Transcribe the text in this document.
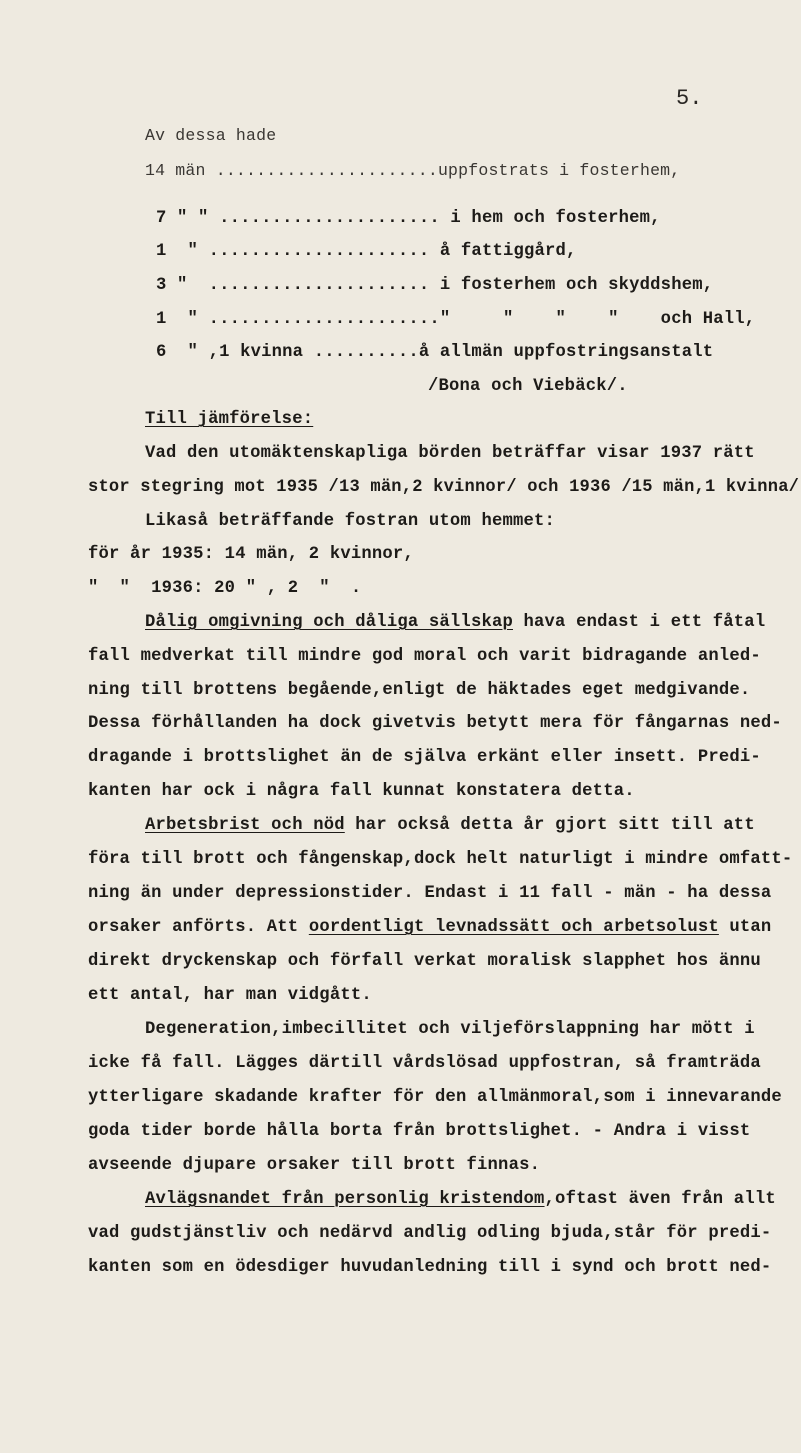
5.
Av dessa hade
14 män ......................uppfostrats i fosterhem,
7 " " ..................... i hem och fosterhem,
1  " ..................... å fattiggård,
3 "  ..................... i fosterhem och skyddshem,
1  " ......................"     "    "    "    och Hall,
6  " ,1 kvinna ..........å allmän uppfostringsanstalt
/Bona och Viebäck/.
Till jämförelse:
Vad den utomäktenskapliga börden beträffar visar 1937 rätt
stor stegring mot 1935 /13 män,2 kvinnor/ och 1936 /15 män,1 kvinna/
Likaså beträffande fostran utom hemmet:
för år 1935: 14 män, 2 kvinnor,
"  "  1936: 20 " , 2  "  .
Dålig omgivning och dåliga sällskap hava endast i ett fåtal
fall medverkat till mindre god moral och varit bidragande anled-
ning till brottens begående,enligt de häktades eget medgivande.
Dessa förhållanden ha dock givetvis betytt mera för fångarnas ned-
dragande i brottslighet än de själva erkänt eller insett. Predi-
kanten har ock i några fall kunnat konstatera detta.
Arbetsbrist och nöd har också detta år gjort sitt till att
föra till brott och fångenskap,dock helt naturligt i mindre omfatt-
ning än under depressionstider. Endast i 11 fall - män - ha dessa
orsaker anförts. Att oordentligt levnadssätt och arbetsolust utan
direkt dryckenskap och förfall verkat moralisk slapphet hos ännu
ett antal, har man vidgått.
Degeneration,imbecillitet och viljeförslappning har mött i
icke få fall. Lägges därtill vårdslösad uppfostran, så framträda
ytterligare skadande krafter för den allmänmoral,som i innevarande
goda tider borde hålla borta från brottslighet. - Andra i visst
avseende djupare orsaker till brott finnas.
Avlägsnandet från personlig kristendom,oftast även från allt
vad gudstjänstliv och nedärvd andlig odling bjuda,står för predi-
kanten som en ödesdiger huvudanledning till i synd och brott ned-
